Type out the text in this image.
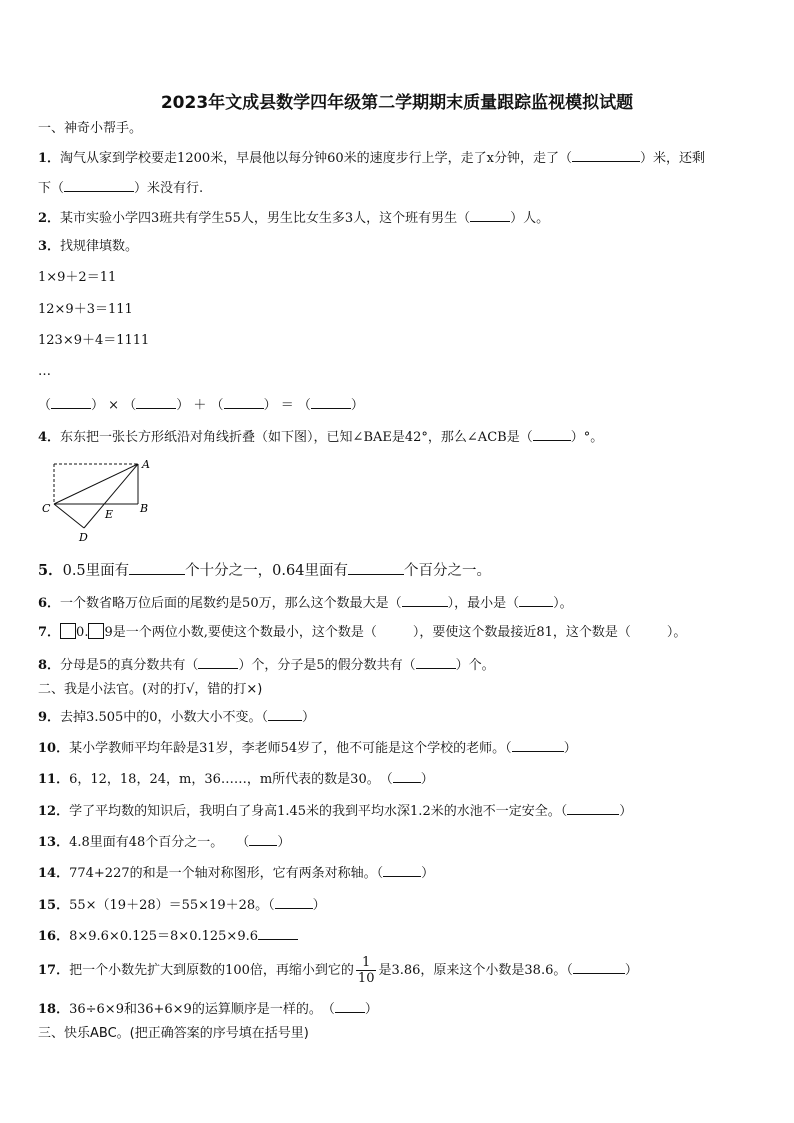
2023年文成县数学四年级第二学期期末质量跟踪监视模拟试题
一、神奇小帮手。
1．淘气从家到学校要走1200米，早晨他以每分钟60米的速度步行上学，走了x分钟，走了（	）米，还剩
下（	）米没有行.
2．某市实验小学四3班共有学生55人，男生比女生多3人，这个班有男生（	）人。
3．找规律填数。
1×9＋2＝11
12×9＋3＝111
123×9＋4＝1111
…
（	） × （	） ＋ （	） ＝ （	）
4．东东把一张长方形纸沿对角线折叠（如下图），已知∠BAE是42°，那么∠ACB是（	）°。
A
B
C
D
E
5．0.5里面有	个十分之一，0.64里面有	个百分之一。
6．一个数省略万位后面的尾数约是50万，那么这个数最大是（	），最小是（	）。
7． 0. 9是一个两位小数,要使这个数最小，这个数是（	），要使这个数最接近81，这个数是（	）。
8．分母是5的真分数共有（	）个，分子是5的假分数共有（	）个。
二、我是小法官。(对的打√，错的打×)
9．去掉3.505中的0，小数大小不变。（	）
10．某小学教师平均年龄是31岁，李老师54岁了，他不可能是这个学校的老师。（	）
11．6，12，18，24，m，36……，m所代表的数是30。　（ ）
12．学了平均数的知识后，我明白了身高1.45米的我到平均水深1.2米的水池不一定安全。（	）
13．4.8里面有48个百分之一。　　（ ）
14．774+227的和是一个轴对称图形，它有两条对称轴。（	）
15．55×（19＋28）＝55×19＋28。（	）
16．8×9.6×0.125＝8×0.125×9.6
17．把一个小数先扩大到原数的100倍，再缩小到它的 $\frac{1}{10}$ 是3.86，原来这个小数是38.6。（	）
18．36÷6×9和36+6×9的运算顺序是一样的。　（ ）
三、快乐ABC。(把正确答案的序号填在括号里)
